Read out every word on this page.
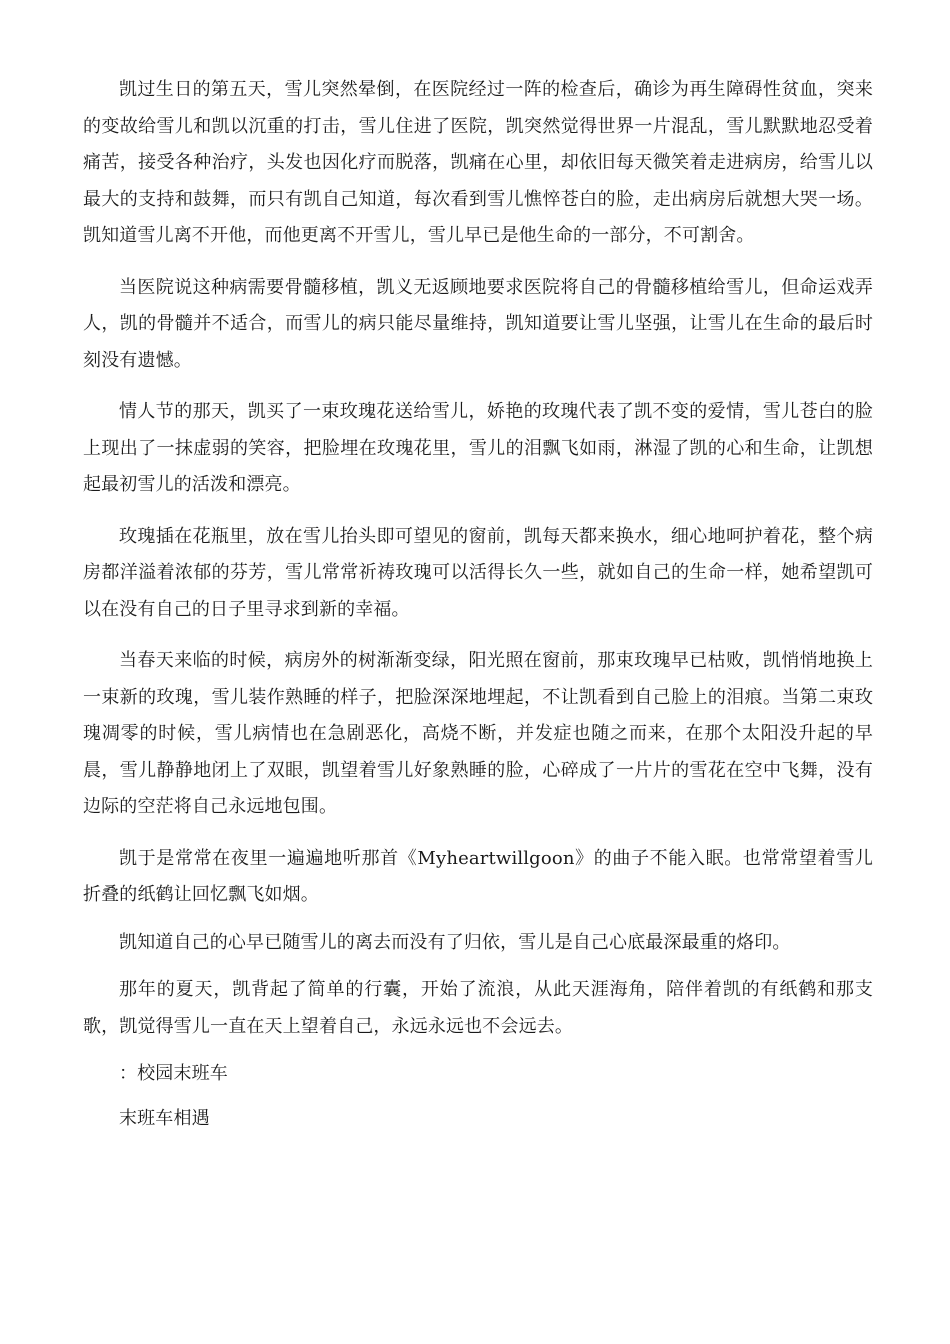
凯过生日的第五天，雪儿突然晕倒，在医院经过一阵的检查后，确诊为再生障碍性贫血，突来的变故给雪儿和凯以沉重的打击，雪儿住进了医院，凯突然觉得世界一片混乱，雪儿默默地忍受着痛苦，接受各种治疗，头发也因化疗而脱落，凯痛在心里，却依旧每天微笑着走进病房，给雪儿以最大的支持和鼓舞，而只有凯自己知道，每次看到雪儿憔悴苍白的脸，走出病房后就想大哭一场。凯知道雪儿离不开他，而他更离不开雪儿，雪儿早已是他生命的一部分，不可割舍。

当医院说这种病需要骨髓移植，凯义无返顾地要求医院将自己的骨髓移植给雪儿，但命运戏弄人，凯的骨髓并不适合，而雪儿的病只能尽量维持，凯知道要让雪儿坚强，让雪儿在生命的最后时刻没有遗憾。

情人节的那天，凯买了一束玫瑰花送给雪儿，娇艳的玫瑰代表了凯不变的爱情，雪儿苍白的脸上现出了一抹虚弱的笑容，把脸埋在玫瑰花里，雪儿的泪飘飞如雨，淋湿了凯的心和生命，让凯想起最初雪儿的活泼和漂亮。

玫瑰插在花瓶里，放在雪儿抬头即可望见的窗前，凯每天都来换水，细心地呵护着花，整个病房都洋溢着浓郁的芬芳，雪儿常常祈祷玫瑰可以活得长久一些，就如自己的生命一样，她希望凯可以在没有自己的日子里寻求到新的幸福。

当春天来临的时候，病房外的树渐渐变绿，阳光照在窗前，那束玫瑰早已枯败，凯悄悄地换上一束新的玫瑰，雪儿装作熟睡的样子，把脸深深地埋起，不让凯看到自己脸上的泪痕。当第二束玫瑰凋零的时候，雪儿病情也在急剧恶化，高烧不断，并发症也随之而来，在那个太阳没升起的早晨，雪儿静静地闭上了双眼，凯望着雪儿好象熟睡的脸，心碎成了一片片的雪花在空中飞舞，没有边际的空茫将自己永远地包围。

凯于是常常在夜里一遍遍地听那首《Myheartwillgoon》的曲子不能入眠。也常常望着雪儿折叠的纸鹤让回忆飘飞如烟。

凯知道自己的心早已随雪儿的离去而没有了归依，雪儿是自己心底最深最重的烙印。

那年的夏天，凯背起了简单的行囊，开始了流浪，从此天涯海角，陪伴着凯的有纸鹤和那支歌，凯觉得雪儿一直在天上望着自己，永远永远也不会远去。

：校园末班车

末班车相遇
